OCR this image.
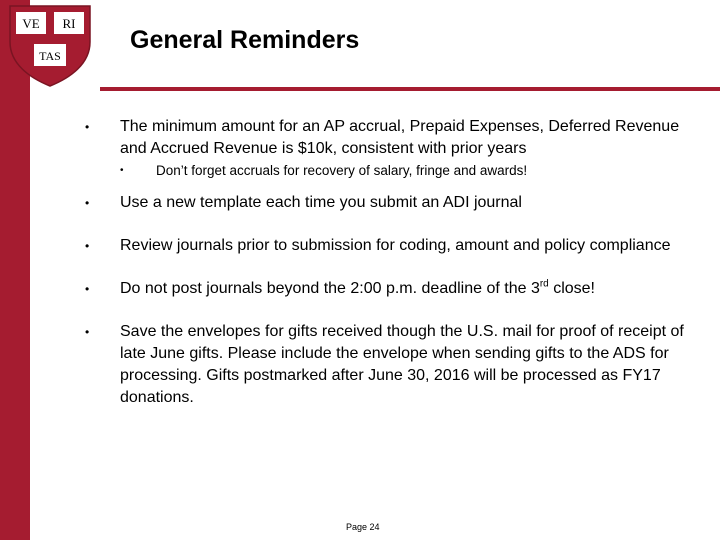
VE RI
TAS
General Reminders
•	The minimum amount for an AP accrual, Prepaid Expenses, Deferred Revenue and Accrued Revenue is $10k, consistent with prior years
•	Don’t forget accruals for recovery of salary, fringe and awards!
•	Use a new template each time you submit an ADI journal
•	Review journals prior to submission for coding, amount and policy compliance
•	Do not post journals beyond the 2:00 p.m. deadline of the 3rd close!
•	Save the envelopes for gifts received though the U.S. mail for proof of receipt of late June gifts. Please include the envelope when sending gifts to the ADS for processing. Gifts postmarked after June 30, 2016 will be processed as FY17 donations.
Page 24
